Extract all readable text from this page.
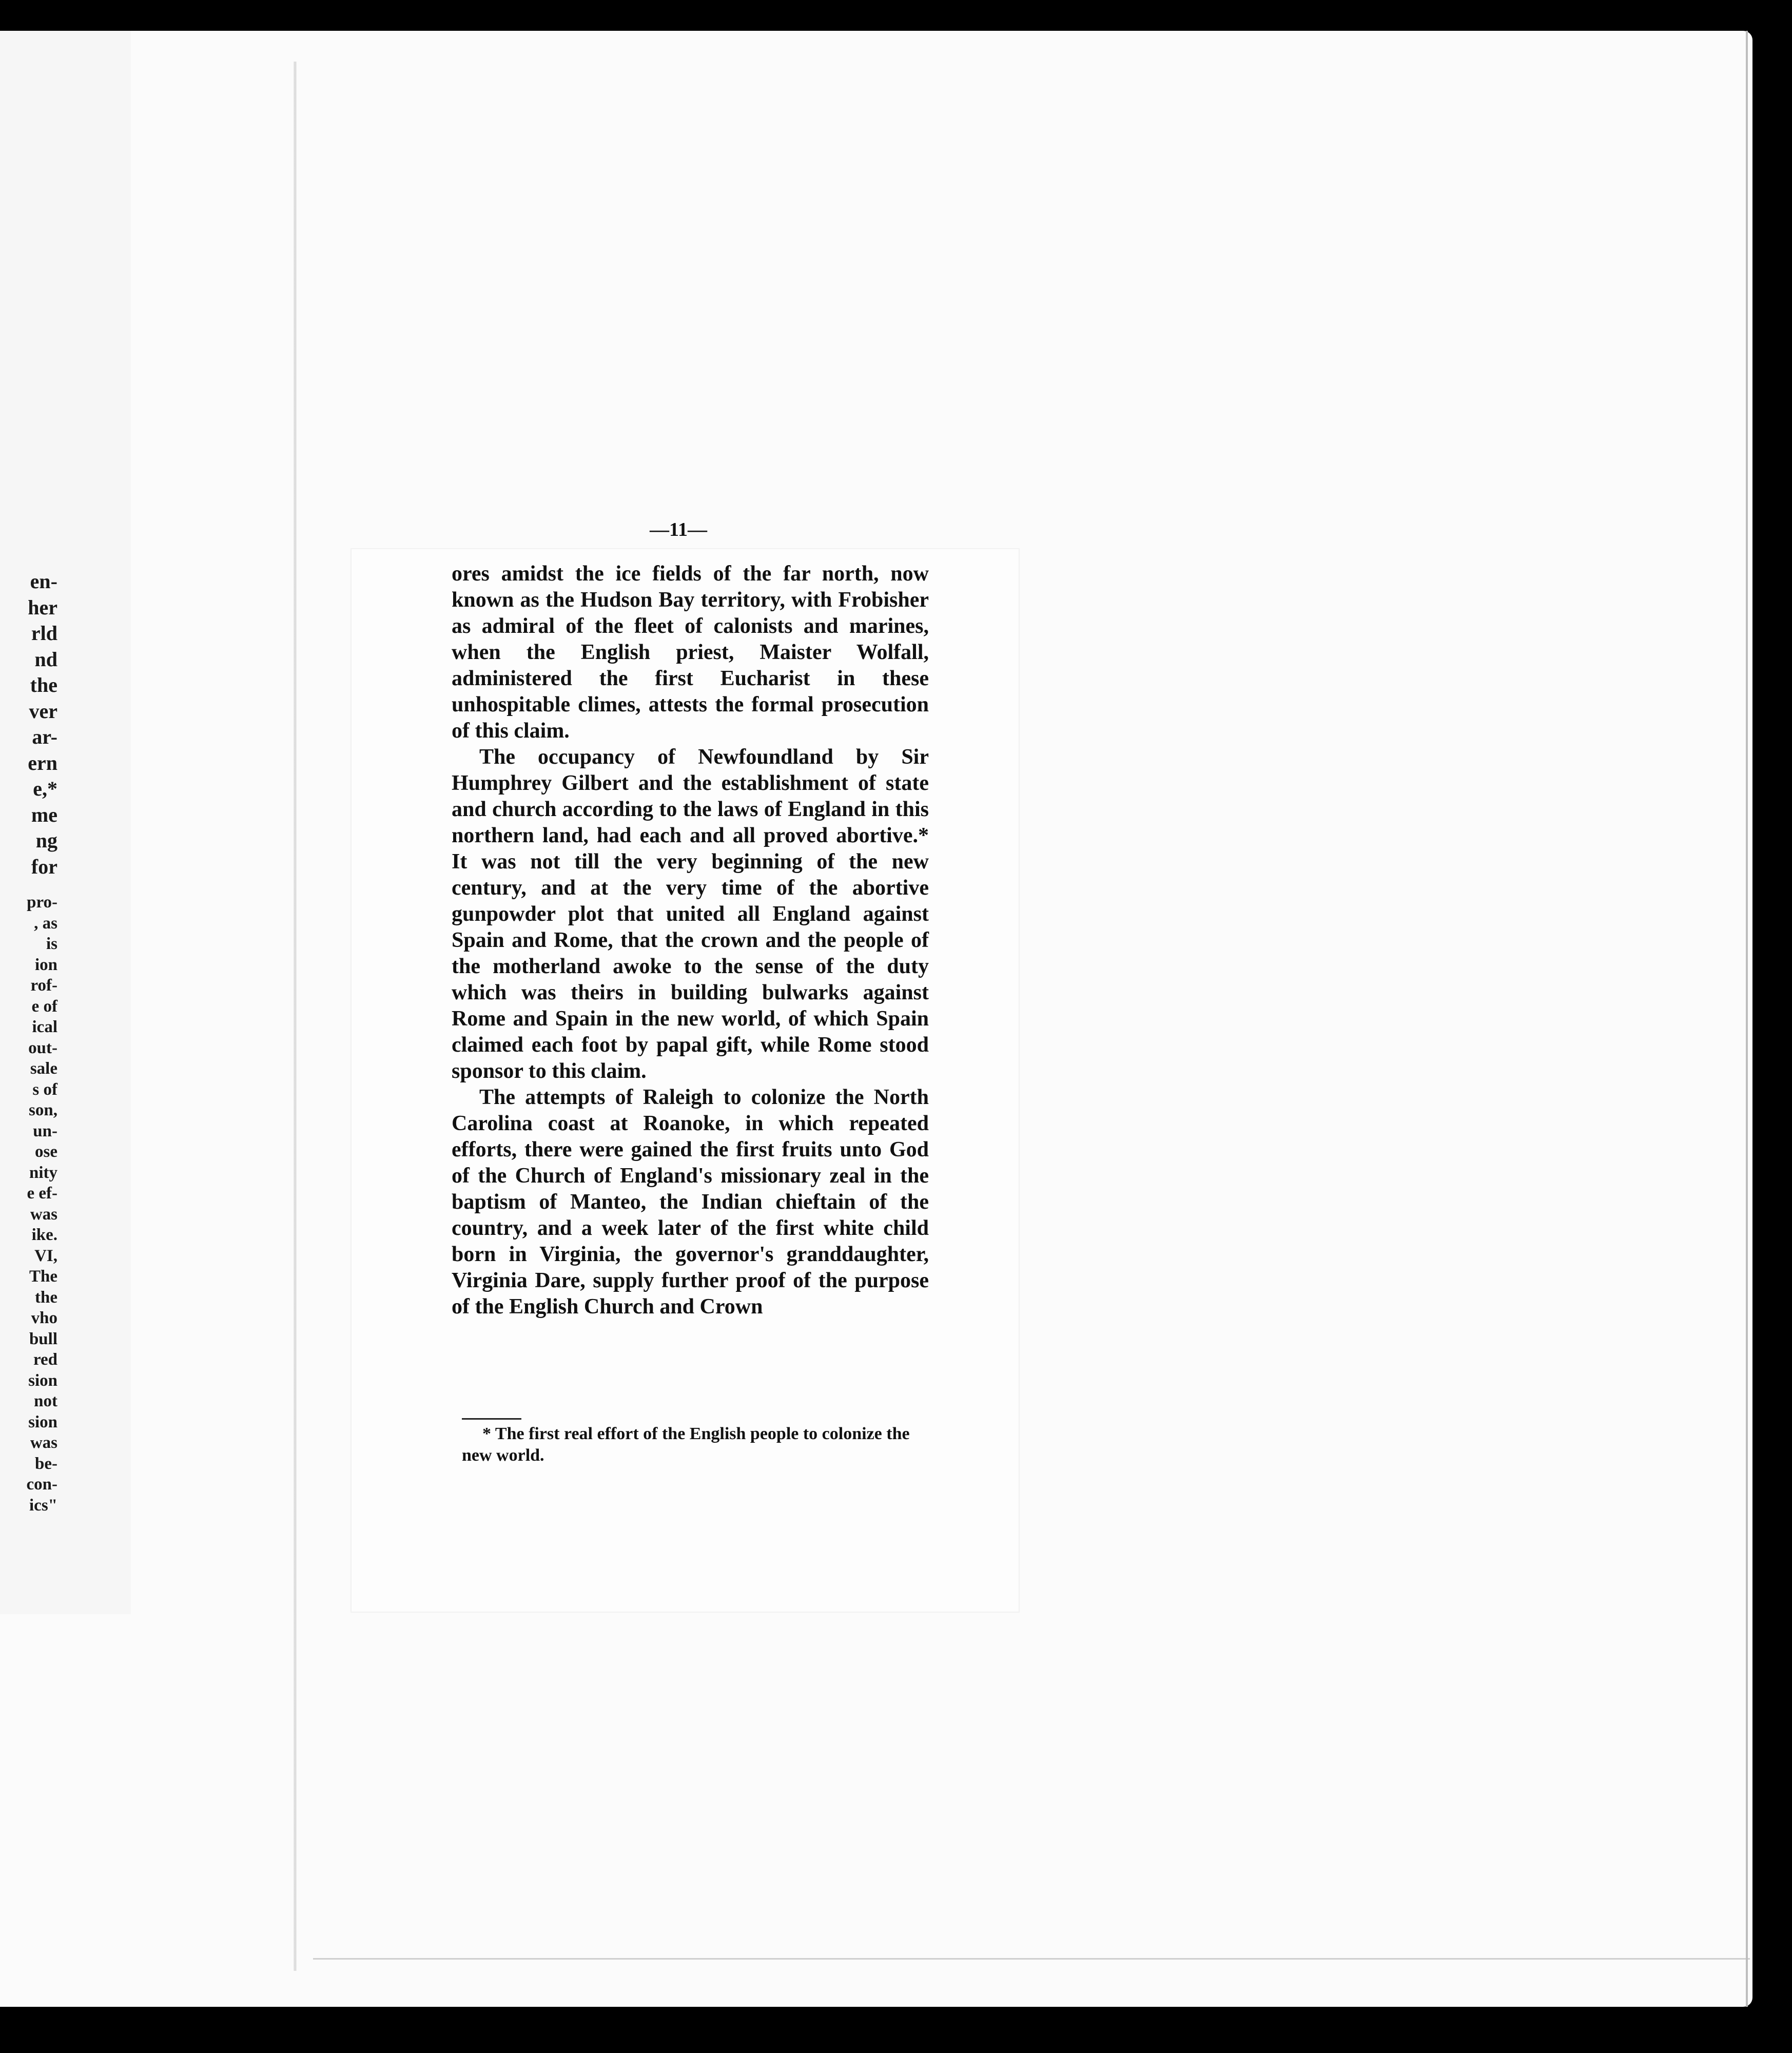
en-
her
rld
nd
the
ver
ar-
ern
e,*
me
ng
for
pro-
, as
is
ion
rof-
e of
ical
out-
sale
s of
son,
un-
ose
nity
e ef-
was
ike.
VI,
The
the
vho
bull
red
sion
not
sion
was
be-
con-
ics"
—11—

ores amidst the ice fields of the far north, now known as the Hudson Bay territory, with Frobisher as admiral of the fleet of calonists and marines, when the English priest, Maister Wolfall, administered the first Eucharist in these unhospitable climes, attests the formal prosecution of this claim.

The occupancy of Newfoundland by Sir Humphrey Gilbert and the establishment of state and church according to the laws of England in this northern land, had each and all proved abortive.* It was not till the very beginning of the new century, and at the very time of the abortive gunpowder plot that united all England against Spain and Rome, that the crown and the people of the motherland awoke to the sense of the duty which was theirs in building bulwarks against Rome and Spain in the new world, of which Spain claimed each foot by papal gift, while Rome stood sponsor to this claim.

The attempts of Raleigh to colonize the North Carolina coast at Roanoke, in which repeated efforts, there were gained the first fruits unto God of the Church of England's missionary zeal in the baptism of Manteo, the Indian chieftain of the country, and a week later of the first white child born in Virginia, the governor's granddaughter, Virginia Dare, supply further proof of the purpose of the English Church and Crown

* The first real effort of the English people to colonize the new world.
